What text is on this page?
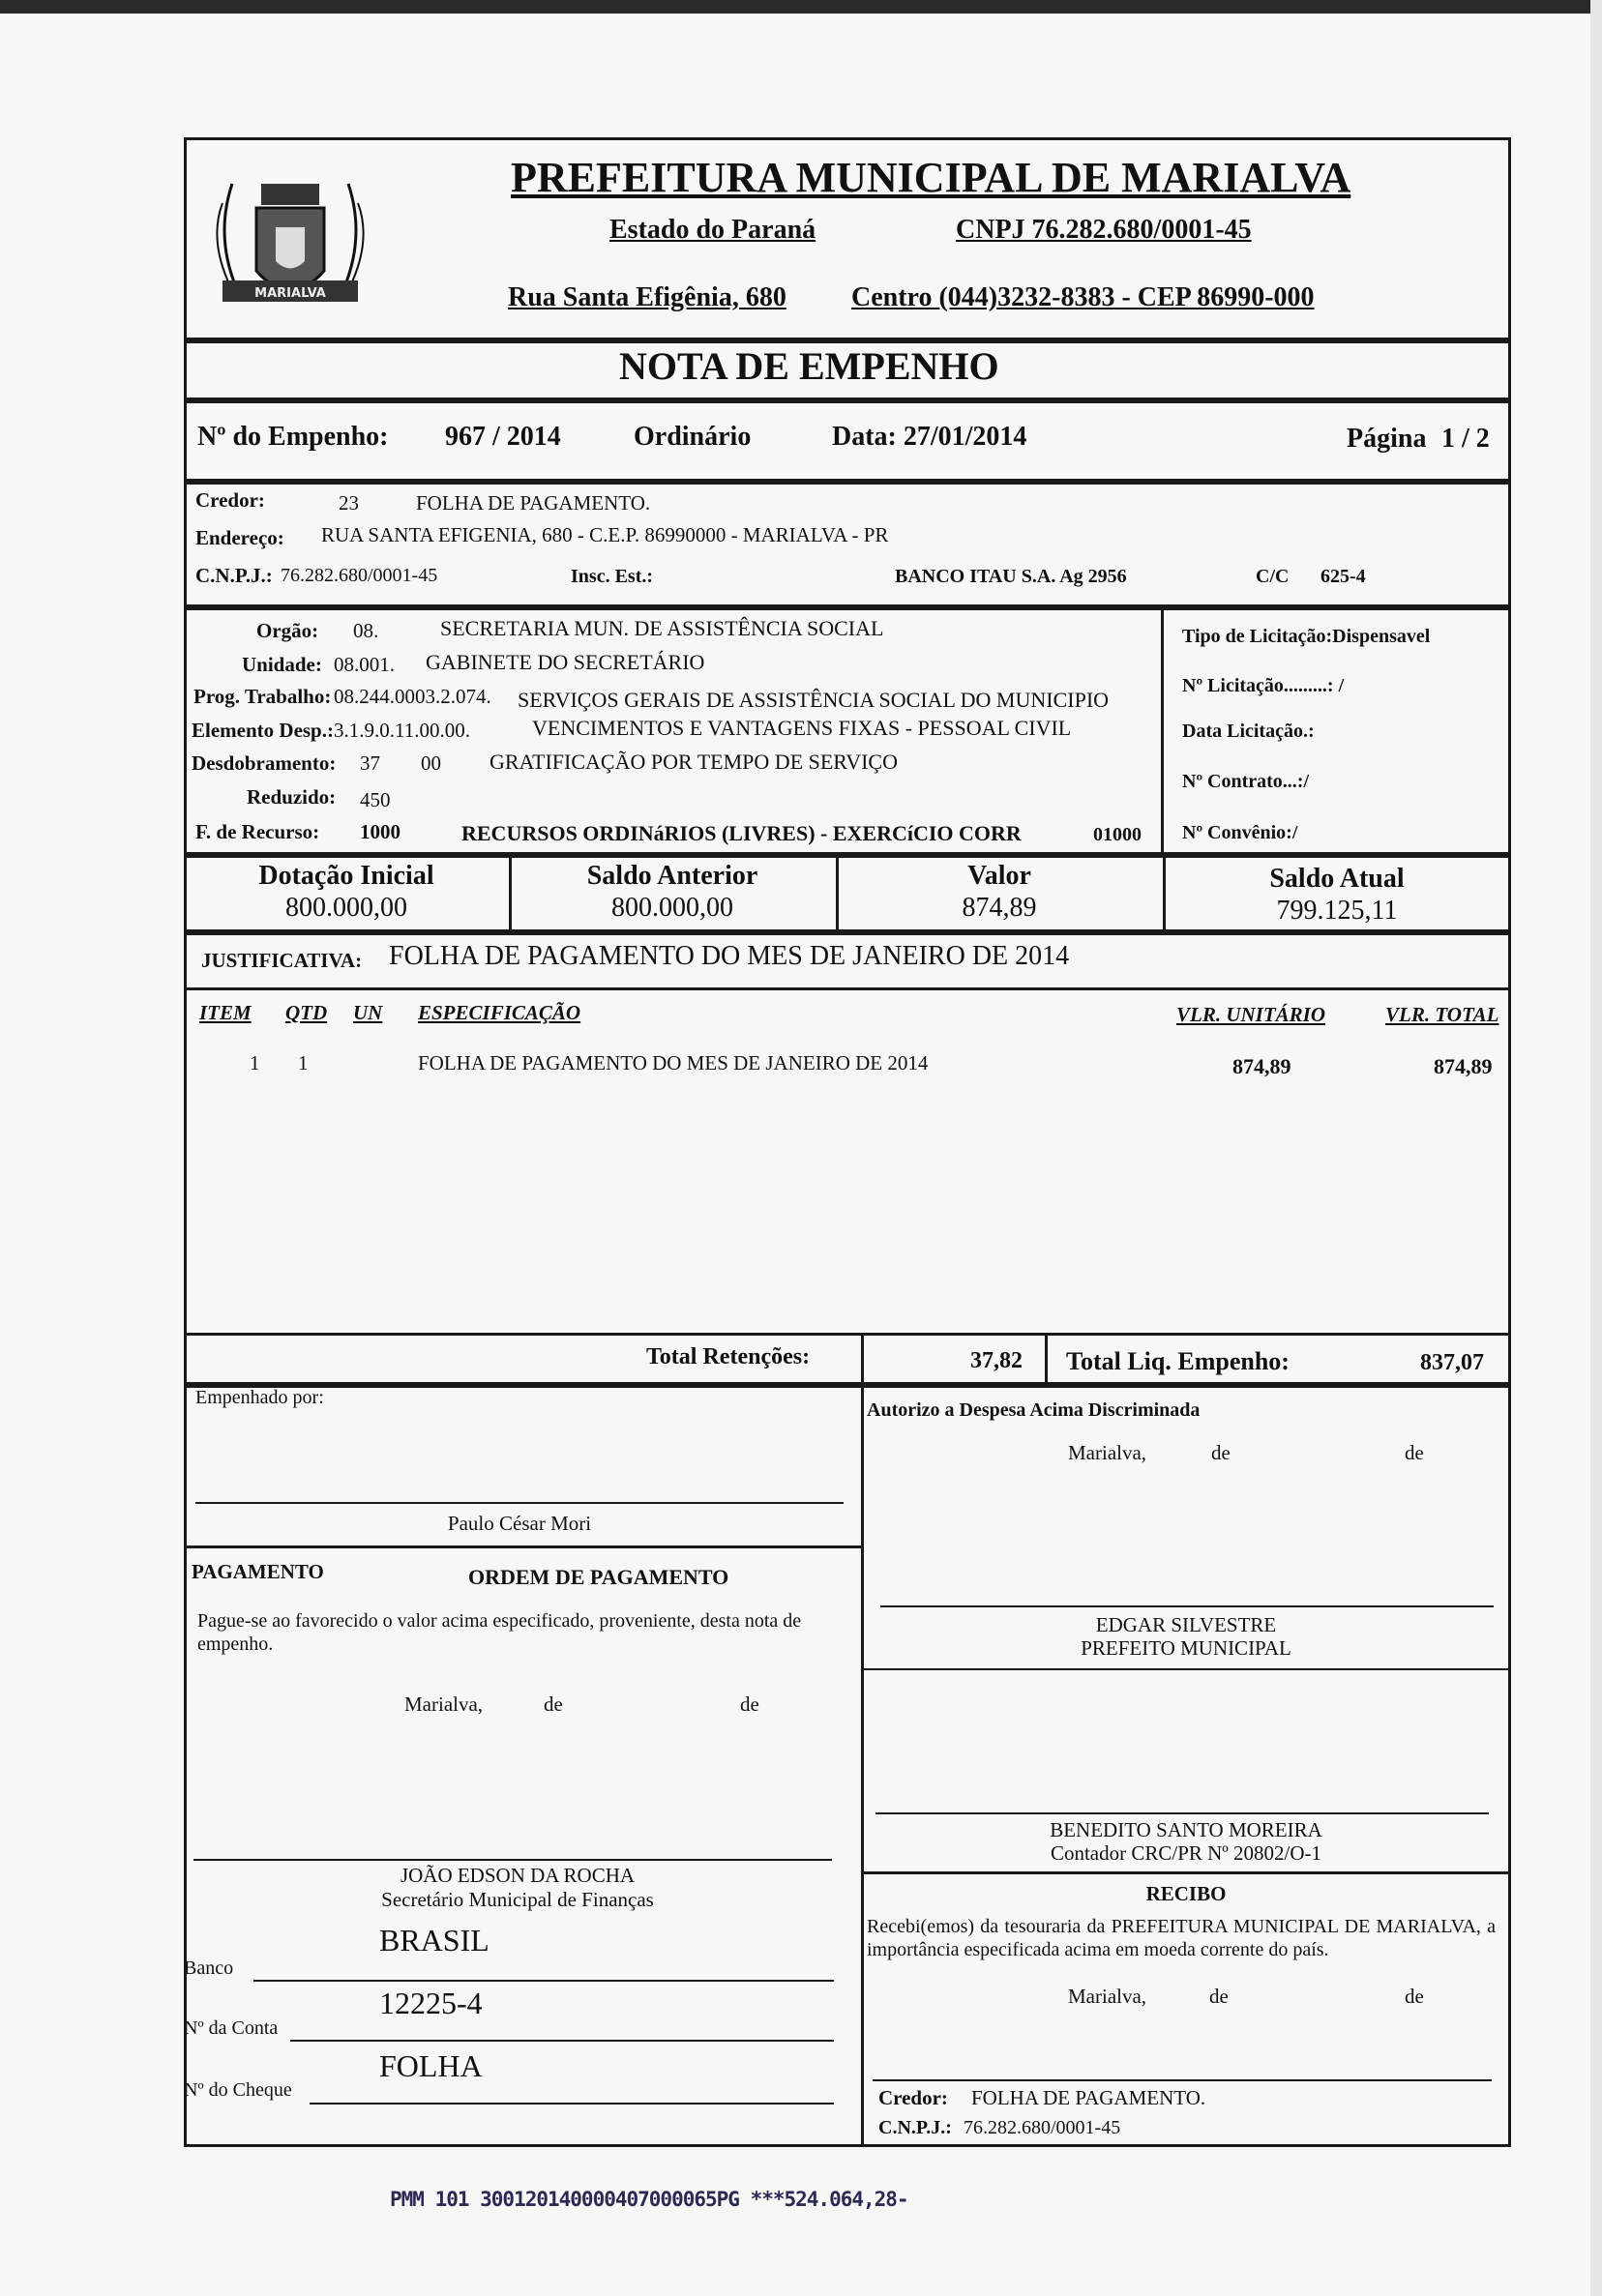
MARIALVA
PREFEITURA MUNICIPAL DE MARIALVA
Estado do Paraná	CNPJ 76.282.680/0001-45
Rua Santa Efigênia, 680 Centro (044)3232-8383 - CEP 86990-000
NOTA DE EMPENHO
Nº do Empenho: 967 / 2014	Ordinário	Data: 27/01/2014	Página 1 / 2
Credor:	23	FOLHA DE PAGAMENTO.
Endereço: RUA SANTA EFIGENIA, 680 - C.E.P. 86990000 - MARIALVA - PR
C.N.P.J.: 76.282.680/0001-45	Insc. Est.:	BANCO ITAU S.A. Ag 2956	C/C 625-4
Orgão: 08.	SECRETARIA MUN. DE ASSISTÊNCIA SOCIAL
Unidade: 08.001. GABINETE DO SECRETÁRIO
Prog. Trabalho: 08.244.0003.2.074. SERVIÇOS GERAIS DE ASSISTÊNCIA SOCIAL DO MUNICIPIO
Elemento Desp.: 3.1.9.0.11.00.00.	VENCIMENTOS E VANTAGENS FIXAS - PESSOAL CIVIL
Desdobramento: 37 00 GRATIFICAÇÃO POR TEMPO DE SERVIÇO
Reduzido: 450
F. de Recurso: 1000	RECURSOS ORDINáRIOS (LIVRES) - EXERCíCIO CORR	01000
Tipo de Licitação:Dispensavel
Nº Licitação.........: /
Data Licitação.:
Nº Contrato...:/
Nº Convênio:/
Dotação Inicial
800.000,00
Saldo Anterior
800.000,00
Valor
874,89
Saldo Atual
799.125,11
JUSTIFICATIVA: FOLHA DE PAGAMENTO DO MES DE JANEIRO DE 2014
ITEM QTD UN ESPECIFICAÇÃO	VLR. UNITÁRIO	VLR. TOTAL
1 1	FOLHA DE PAGAMENTO DO MES DE JANEIRO DE 2014	874,89	874,89
Total Retenções:	37,82 Total Liq. Empenho:	837,07
Empenhado por:
Paulo César Mori
Autorizo a Despesa Acima Discriminada
Marialva,	de	de
EDGAR SILVESTRE
PREFEITO MUNICIPAL
PAGAMENTO	ORDEM DE PAGAMENTO
Pague-se ao favorecido o valor acima especificado, proveniente, desta nota de empenho.
Marialva,	de	de
JOÃO EDSON DA ROCHA
Secretário Municipal de Finanças
BENEDITO SANTO MOREIRA
Contador CRC/PR Nº 20802/O-1
BRASIL
Banco
12225-4
Nº da Conta
FOLHA
Nº do Cheque
RECIBO
Recebi(emos) da tesouraria da PREFEITURA MUNICIPAL DE MARIALVA, a importância especificada acima em moeda corrente do país.
Marialva,	de	de
Credor: FOLHA DE PAGAMENTO.
C.N.P.J.: 76.282.680/0001-45
PMM 101 300120140000407000065PG ***524.064,28-
